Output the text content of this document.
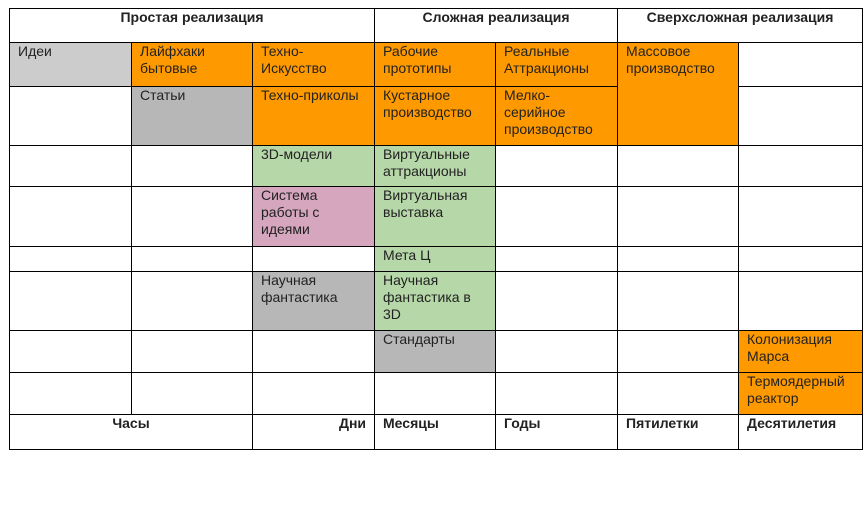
Простая реализация			Сложная реализация		Сверхсложная реализация	
Идеи	Лайфхаки бытовые	Техно-Искусство	Рабочие прототипы	Реальные Аттракционы	Массовое производство	
	Статьи	Техно-приколы	Кустарное производство	Мелко-серийное производство		
		3D-модели	Виртуальные аттракционы			
		Система работы с идеями	Виртуальная выставка			
			Мета Ц			
		Научная фантастика	Научная фантастика в 3D			
			Стандарты			Колонизация Марса
						Термоядерный реактор
Часы		Дни	Месяцы	Годы	Пятилетки	Десятилетия
